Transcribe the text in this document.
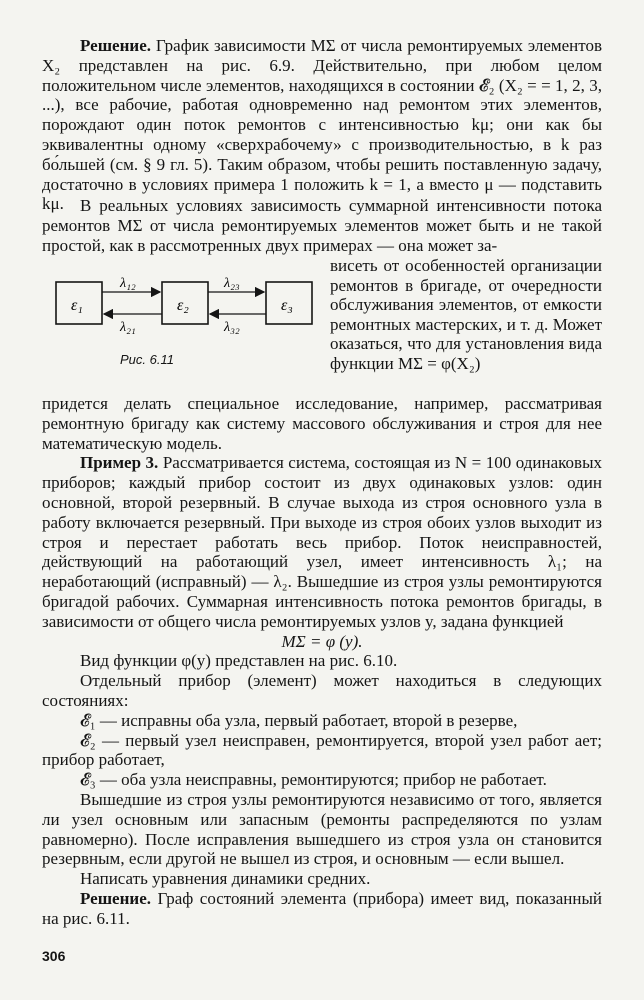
Решение. График зависимости MΣ от числа ремонтируемых элементов X₂ представлен на рис. 6.9. Действительно, при любом целом положительном числе элементов, находящихся в состоянии 𝓔₂ (X₂ = = 1, 2, 3, ...), все рабочие, работая одновременно над ремонтом этих элементов, порождают один поток ремонтов с интенсивностью kμ; они как бы эквивалентны одному «сверхрабочему» с производительностью, в k раз бо́льшей (см. § 9 гл. 5). Таким образом, чтобы решить поставленную задачу, достаточно в условиях примера 1 положить k = 1, а вместо μ — подставить kμ. В реальных условиях зависимость суммарной интенсивности потока ремонтов MΣ от числа ремонтируемых элементов может быть и не такой простой, как в рассмотренных двух примерах — она может за-

ε₁	ε₂	ε₃
λ₁₂
λ₂₁
λ₂₃
λ₃₂
Рис. 6.11
висеть от особенностей организации ремонтов в бригаде, от очередности обслуживания элементов, от емкости ремонтных мастерских, и т. д. Может оказаться, что для установления вида функции MΣ = φ(X₂)

придется делать специальное исследование, например, рассматривая ремонтную бригаду как систему массового обслуживания и строя для нее математическую модель.

Пример 3. Рассматривается система, состоящая из N = 100 одинаковых приборов; каждый прибор состоит из двух одинаковых узлов: один основной, второй резервный. В случае выхода из строя основного узла в работу включается резервный. При выходе из строя обоих узлов выходит из строя и перестает работать весь прибор. Поток неисправностей, действующий на работающий узел, имеет интенсивность λ₁; на неработающий (исправный) — λ₂. Вышедшие из строя узлы ремонтируются бригадой рабочих. Суммарная интенсивность потока ремонтов бригады, в зависимости от общего числа ремонтируемых узлов y, задана функцией

MΣ = φ (y).

Вид функции φ(y) представлен на рис. 6.10.

Отдельный прибор (элемент) может находиться в следующих состояниях:

𝓔₁ — исправны оба узла, первый работает, второй в резерве,

𝓔₂ — первый узел неисправен, ремонтируется, второй узел работ ает; прибор работает,

𝓔₃ — оба узла неисправны, ремонтируются; прибор не работает.

Вышедшие из строя узлы ремонтируются независимо от того, является ли узел основным или запасным (ремонты распределяются по узлам равномерно). После исправления вышедшего из строя узла он становится резервным, если другой не вышел из строя, и основным — если вышел.

Написать уравнения динамики средних.

Решение. Граф состояний элемента (прибора) имеет вид, показанный на рис. 6.11.

306
